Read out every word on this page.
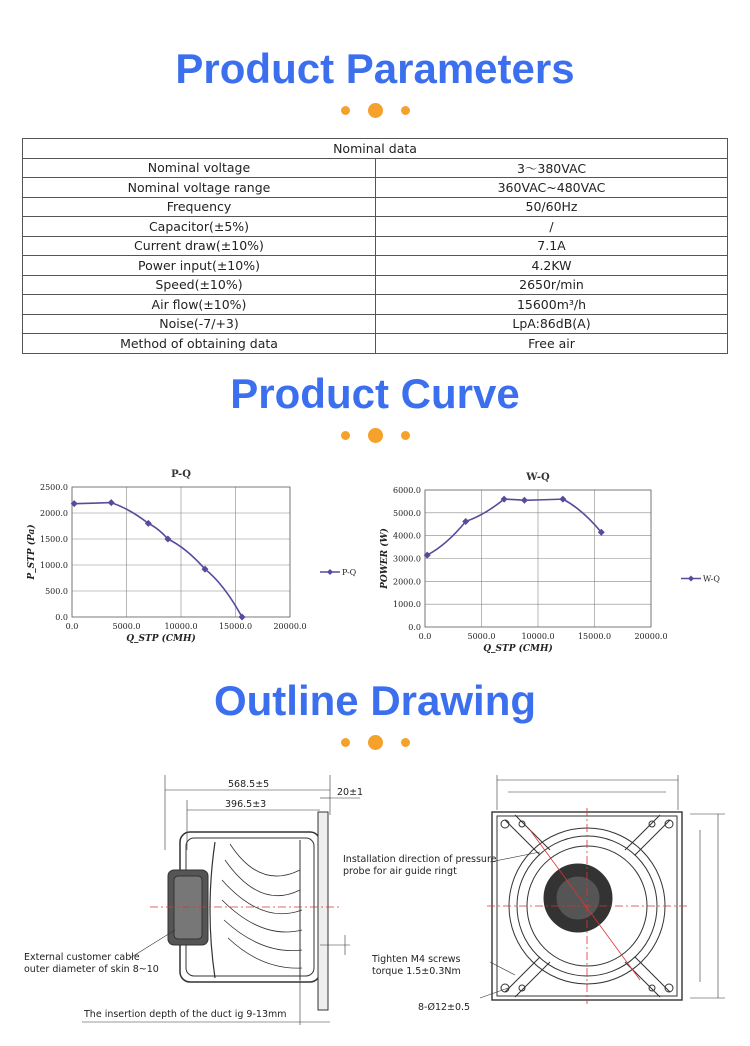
Product Parameters
Nominal data	
Nominal voltage	3～380VAC
Nominal voltage range	360VAC~480VAC
Frequency	50/60Hz
Capacitor(±5%)	/
Current draw(±10%)	7.1A
Power input(±10%)	4.2KW
Speed(±10%)	2650r/min
Air flow(±10%)	15600m³/h
Noise(-7/+3)	LpA:86dB(A)
Method of obtaining data	Free air
Product Curve
P-Q
0.0
500.0
1000.0
1500.0
2000.0
2500.0
0.0	5000.0	10000.0	15000.0	20000.0
Q_STP (CMH)
P_STP (Pa)	P-Q
W-Q
0.0
1000.0
2000.0
3000.0
4000.0
5000.0
6000.0
0.0	5000.0	10000.0	15000.0	20000.0
Q_STP (CMH)
POWER (W)	W-Q
Outline Drawing
568.5±5
396.5±3
20±1
External customer cable
outer diameter of skin 8~10
The insertion depth of the duct ig 9-13mm
Installation direction of pressure
probe for air guide ringt
Tighten M4 screws
torque 1.5±0.3Nm
8-Ø12±0.5
